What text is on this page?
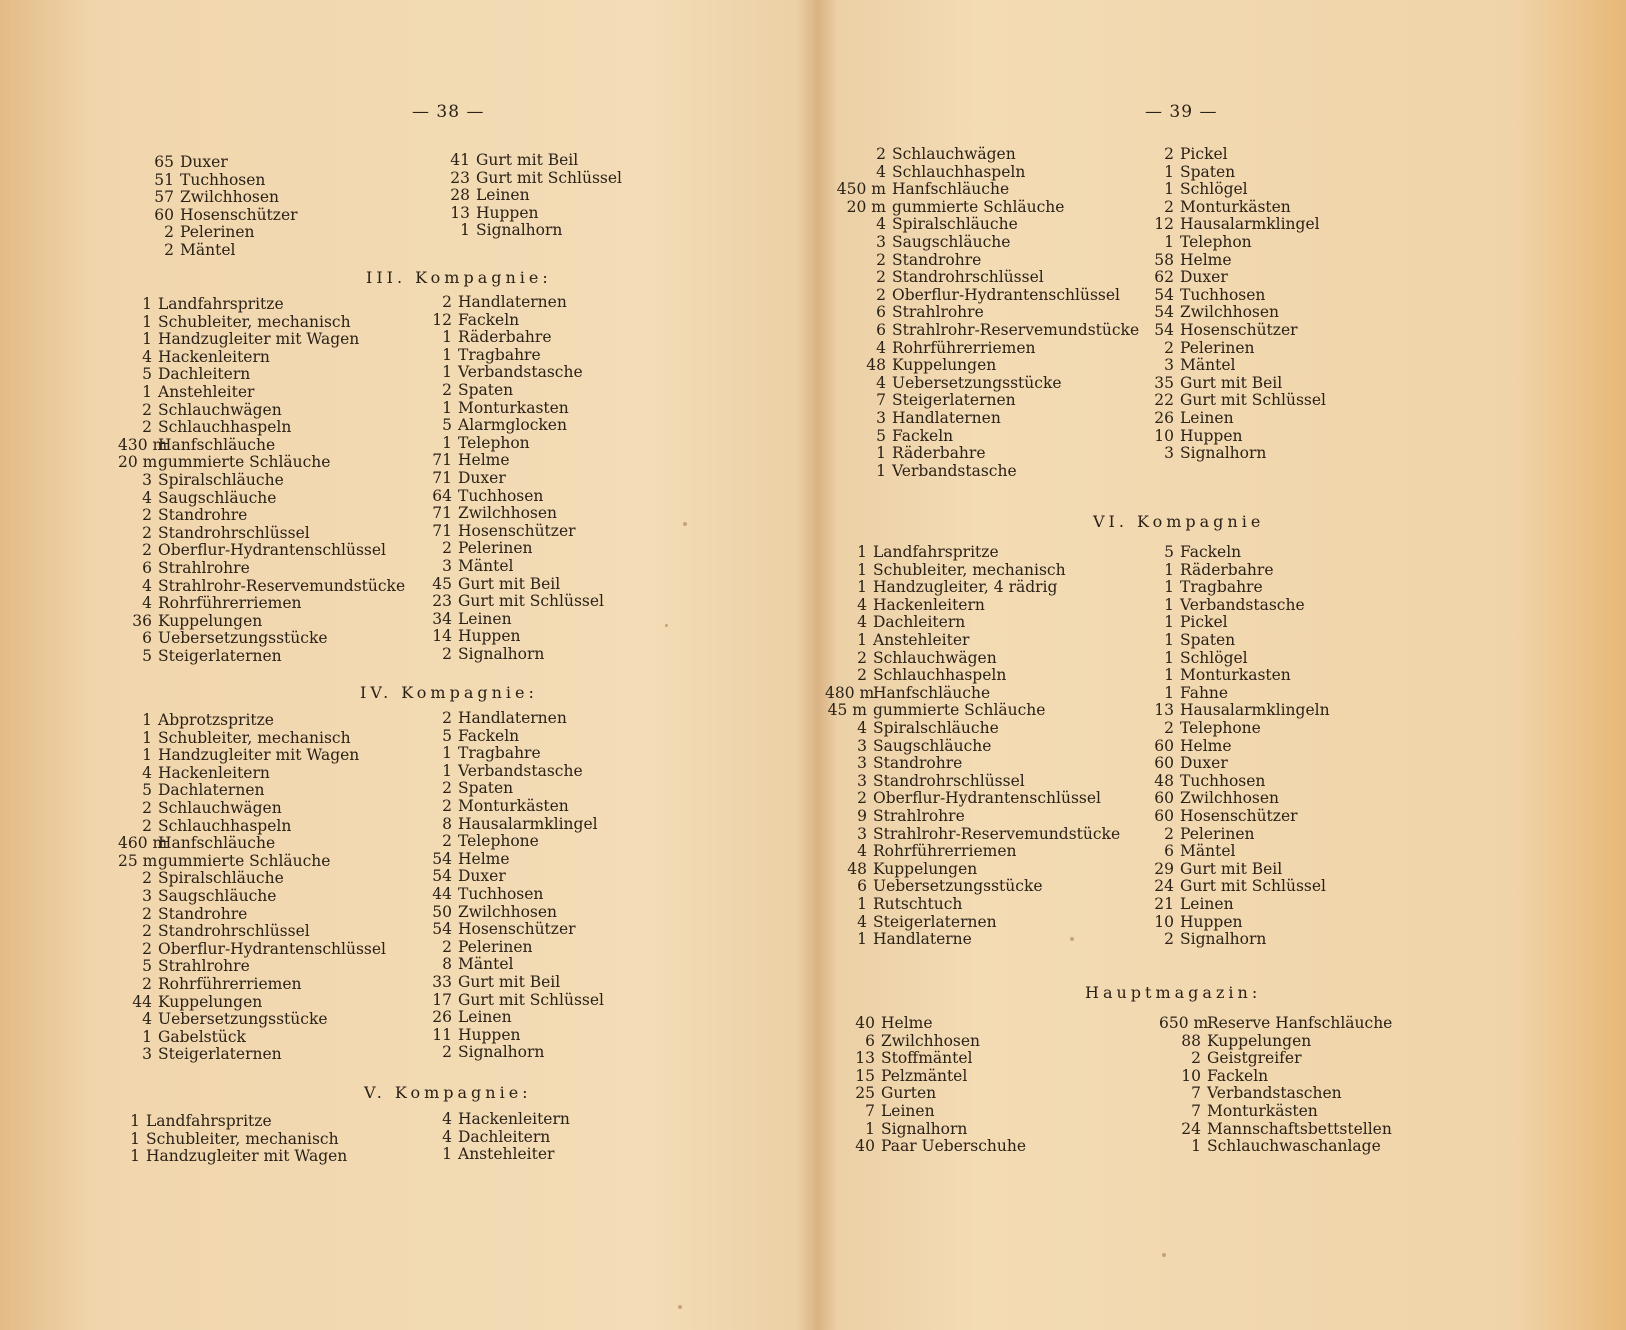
— 38 —
65 Duxer
51 Tuchhosen
57 Zwilchhosen
60 Hosenschützer
2 Pelerinen
2 Mäntel
41 Gurt mit Beil
23 Gurt mit Schlüssel
28 Leinen
13 Huppen
1 Signalhorn
III. Kompagnie:
1 Landfahrspritze
1 Schubleiter, mechanisch
1 Handzugleiter mit Wagen
4 Hackenleitern
5 Dachleitern
1 Anstehleiter
2 Schlauchwägen
2 Schlauchhaspeln
430 mHanfschläuche
20 mgummierte Schläuche
3 Spiralschläuche
4 Saugschläuche
2 Standrohre
2 Standrohrschlüssel
2 Oberflur-Hydrantenschlüssel
6 Strahlrohre
4 Strahlrohr-Reservemundstücke
4 Rohrführerriemen
36 Kuppelungen
6 Uebersetzungsstücke
5 Steigerlaternen
2 Handlaternen
12 Fackeln
1 Räderbahre
1 Tragbahre
1 Verbandstasche
2 Spaten
1 Monturkasten
5 Alarmglocken
1 Telephon
71 Helme
71 Duxer
64 Tuchhosen
71 Zwilchhosen
71 Hosenschützer
2 Pelerinen
3 Mäntel
45 Gurt mit Beil
23 Gurt mit Schlüssel
34 Leinen
14 Huppen
2 Signalhorn
IV. Kompagnie:
1 Abprotzspritze
1 Schubleiter, mechanisch
1 Handzugleiter mit Wagen
4 Hackenleitern
5 Dachlaternen
2 Schlauchwägen
2 Schlauchhaspeln
460 mHanfschläuche
25 mgummierte Schläuche
2 Spiralschläuche
3 Saugschläuche
2 Standrohre
2 Standrohrschlüssel
2 Oberflur-Hydrantenschlüssel
5 Strahlrohre
2 Rohrführerriemen
44 Kuppelungen
4 Uebersetzungsstücke
1 Gabelstück
3 Steigerlaternen
2 Handlaternen
5 Fackeln
1 Tragbahre
1 Verbandstasche
2 Spaten
2 Monturkästen
8 Hausalarmklingel
2 Telephone
54 Helme
54 Duxer
44 Tuchhosen
50 Zwilchhosen
54 Hosenschützer
2 Pelerinen
8 Mäntel
33 Gurt mit Beil
17 Gurt mit Schlüssel
26 Leinen
11 Huppen
2 Signalhorn
V. Kompagnie:
1 Landfahrspritze
1 Schubleiter, mechanisch
1 Handzugleiter mit Wagen
4 Hackenleitern
4 Dachleitern
1 Anstehleiter
— 39 —
2 Schlauchwägen
4 Schlauchhaspeln
450 m Hanfschläuche
20 m gummierte Schläuche
4 Spiralschläuche
3 Saugschläuche
2 Standrohre
2 Standrohrschlüssel
2 Oberflur-Hydrantenschlüssel
6 Strahlrohre
6 Strahlrohr-Reservemundstücke
4 Rohrführerriemen
48 Kuppelungen
4 Uebersetzungsstücke
7 Steigerlaternen
3 Handlaternen
5 Fackeln
1 Räderbahre
1 Verbandstasche
2 Pickel
1 Spaten
1 Schlögel
2 Monturkästen
12 Hausalarmklingel
1 Telephon
58 Helme
62 Duxer
54 Tuchhosen
54 Zwilchhosen
54 Hosenschützer
2 Pelerinen
3 Mäntel
35 Gurt mit Beil
22 Gurt mit Schlüssel
26 Leinen
10 Huppen
3 Signalhorn
VI. Kompagnie
1 Landfahrspritze
1 Schubleiter, mechanisch
1 Handzugleiter, 4 rädrig
4 Hackenleitern
4 Dachleitern
1 Anstehleiter
2 Schlauchwägen
2 Schlauchhaspeln
480 mHanfschläuche
45 m gummierte Schläuche
4 Spiralschläuche
3 Saugschläuche
3 Standrohre
3 Standrohrschlüssel
2 Oberflur-Hydrantenschlüssel
9 Strahlrohre
3 Strahlrohr-Reservemundstücke
4 Rohrführerriemen
48 Kuppelungen
6 Uebersetzungsstücke
1 Rutschtuch
4 Steigerlaternen
1 Handlaterne
5 Fackeln
1 Räderbahre
1 Tragbahre
1 Verbandstasche
1 Pickel
1 Spaten
1 Schlögel
1 Monturkasten
1 Fahne
13 Hausalarmklingeln
2 Telephone
60 Helme
60 Duxer
48 Tuchhosen
60 Zwilchhosen
60 Hosenschützer
2 Pelerinen
6 Mäntel
29 Gurt mit Beil
24 Gurt mit Schlüssel
21 Leinen
10 Huppen
2 Signalhorn
Hauptmagazin:
40 Helme
6 Zwilchhosen
13 Stoffmäntel
15 Pelzmäntel
25 Gurten
7 Leinen
1 Signalhorn
40 Paar Ueberschuhe
650 mReserve Hanfschläuche
88 Kuppelungen
2 Geistgreifer
10 Fackeln
7 Verbandstaschen
7 Monturkästen
24 Mannschaftsbettstellen
1 Schlauchwaschanlage
